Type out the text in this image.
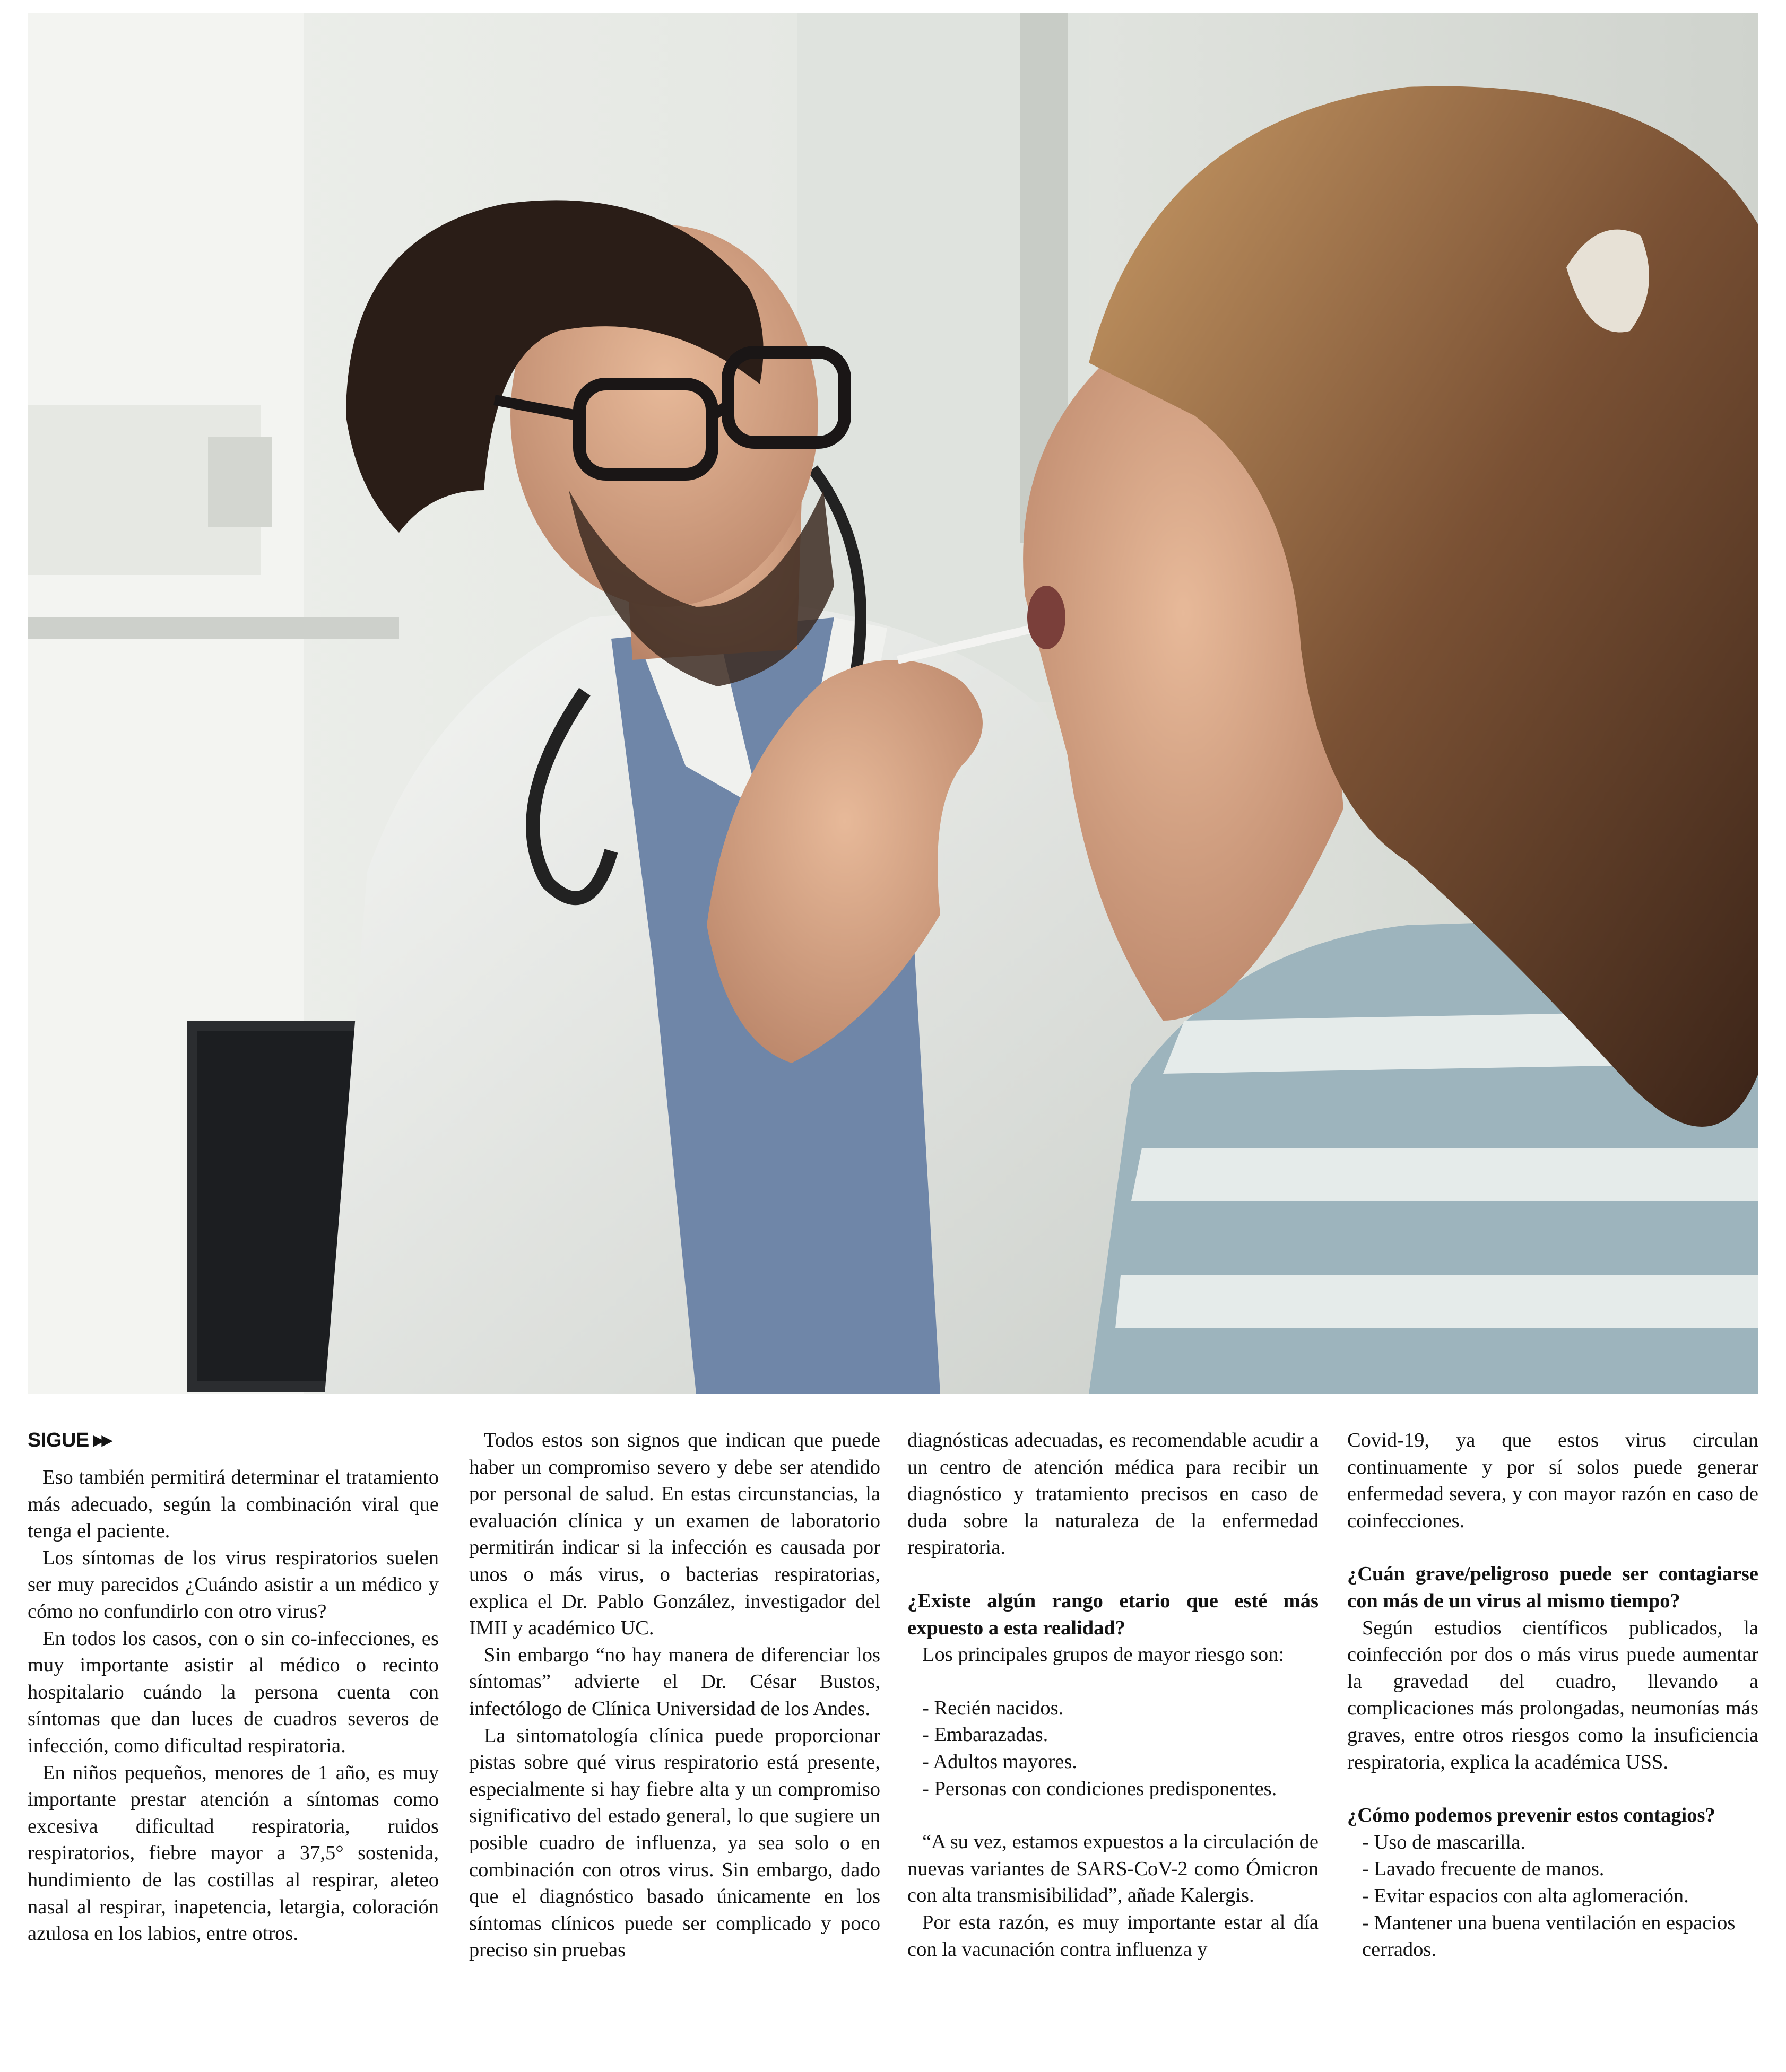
SIGUE ▶▶

Eso también permitirá determinar el tratamiento más adecuado, según la combinación viral que tenga el paciente.

Los síntomas de los virus respiratorios suelen ser muy parecidos ¿Cuándo asistir a un médico y cómo no confundirlo con otro virus?

En todos los casos, con o sin co-infecciones, es muy importante asistir al médico o recinto hospitalario cuándo la persona cuenta con síntomas que dan luces de cuadros severos de infección, como dificultad respiratoria.

En niños pequeños, menores de 1 año, es muy importante prestar atención a síntomas como excesiva dificultad respiratoria, ruidos respiratorios, fiebre mayor a 37,5° sostenida, hundimiento de las costillas al respirar, aleteo nasal al respirar, inapetencia, letargia, coloración azulosa en los labios, entre otros.

Todos estos son signos que indican que puede haber un compromiso severo y debe ser atendido por personal de salud. En estas circunstancias, la evaluación clínica y un examen de laboratorio permitirán indicar si la infección es causada por unos o más virus, o bacterias respiratorias, explica el Dr. Pablo González, investigador del IMII y académico UC.

Sin embargo “no hay manera de diferenciar los síntomas” advierte el Dr. César Bustos, infectólogo de Clínica Universidad de los Andes.

La sintomatología clínica puede proporcionar pistas sobre qué virus respiratorio está presente, especialmente si hay fiebre alta y un compromiso significativo del estado general, lo que sugiere un posible cuadro de influenza, ya sea solo o en combinación con otros virus. Sin embargo, dado que el diagnóstico basado únicamente en los síntomas clínicos puede ser complicado y poco preciso sin pruebas

diagnósticas adecuadas, es recomendable acudir a un centro de atención médica para recibir un diagnóstico y tratamiento precisos en caso de duda sobre la naturaleza de la enfermedad respiratoria.

¿Existe algún rango etario que esté más expuesto a esta realidad?

Los principales grupos de mayor riesgo son:

- Recién nacidos.

- Embarazadas.

- Adultos mayores.

- Personas con condiciones predisponentes.

“A su vez, estamos expuestos a la circulación de nuevas variantes de SARS-CoV-2 como Ómicron con alta transmisibilidad”, añade Kalergis.

Por esta razón, es muy importante estar al día con la vacunación contra influenza y

Covid-19, ya que estos virus circulan continuamente y por sí solos puede generar enfermedad severa, y con mayor razón en caso de coinfecciones.

¿Cuán grave/peligroso puede ser contagiarse con más de un virus al mismo tiempo?

Según estudios científicos publicados, la coinfección por dos o más virus puede aumentar la gravedad del cuadro, llevando a complicaciones más prolongadas, neumonías más graves, entre otros riesgos como la insuficiencia respiratoria, explica la académica USS.

¿Cómo podemos prevenir estos contagios?

- Uso de mascarilla.

- Lavado frecuente de manos.

- Evitar espacios con alta aglomeración.

- Mantener una buena ventilación en espacios cerrados.
